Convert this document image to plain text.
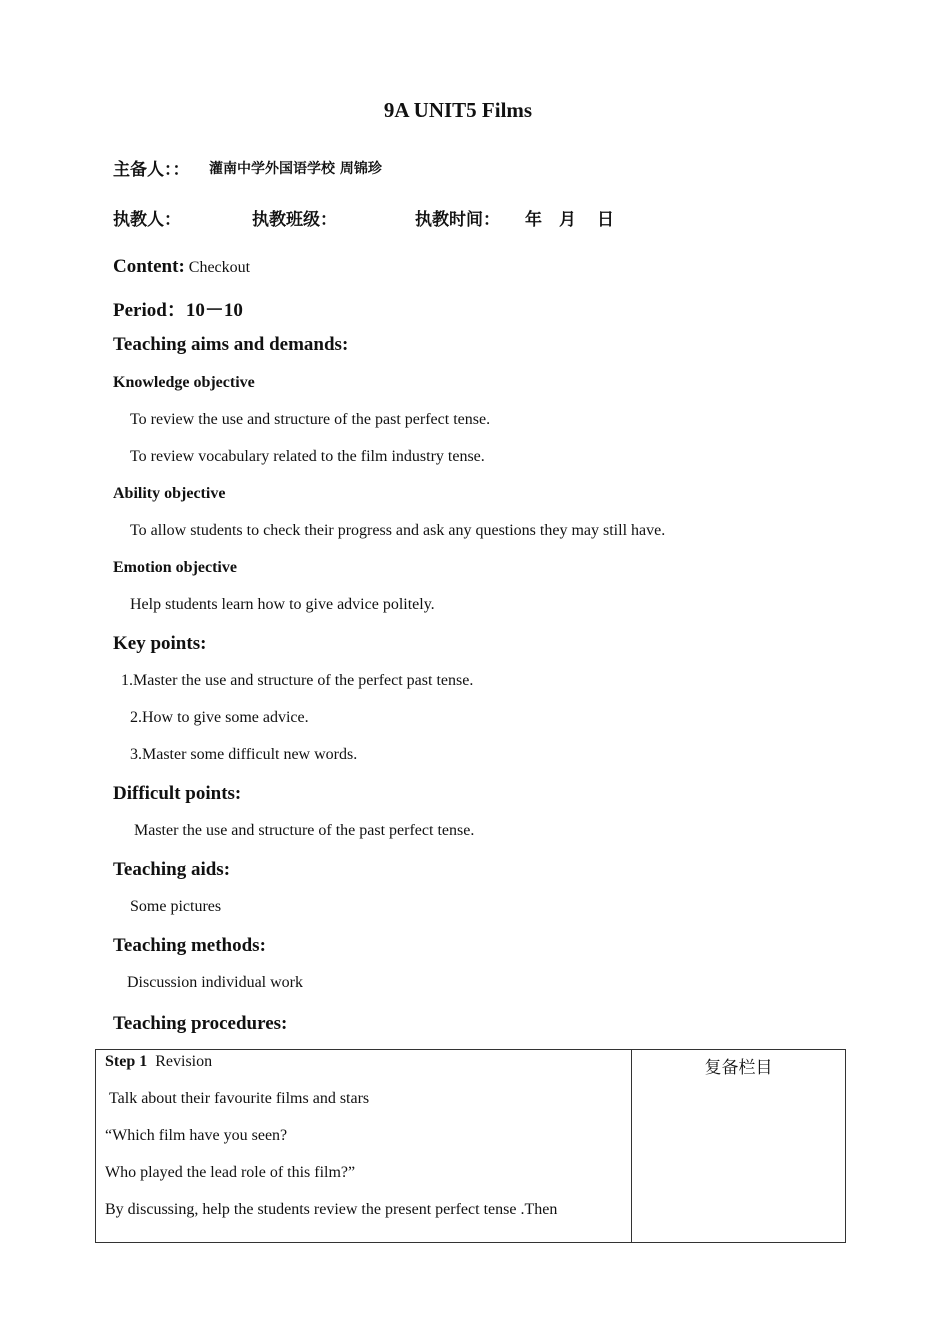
9A UNIT5 Films
主备人：： 灌南中学外国语学校 周锦珍
执教人：	执教班级：	执教时间： 年 月 日
Content: Checkout
Period：10－10
Teaching aims and demands:
Knowledge objective
To review the use and structure of the past perfect tense.
To review vocabulary related to the film industry tense.
Ability objective
To allow students to check their progress and ask any questions they may still have.
Emotion objective
Help students learn how to give advice politely.
Key points:
1.Master the use and structure of the perfect past tense.
2.How to give some advice.
3.Master some difficult new words.
Difficult points:
Master the use and structure of the past perfect tense.
Teaching aids:
Some pictures
Teaching methods:
Discussion individual work
Teaching procedures:
Step 1 Revision
Talk about their favourite films and stars
“Which film have you seen?
Who played the lead role of this film?”
By discussing, help the students review the present perfect tense .Then
复备栏目
